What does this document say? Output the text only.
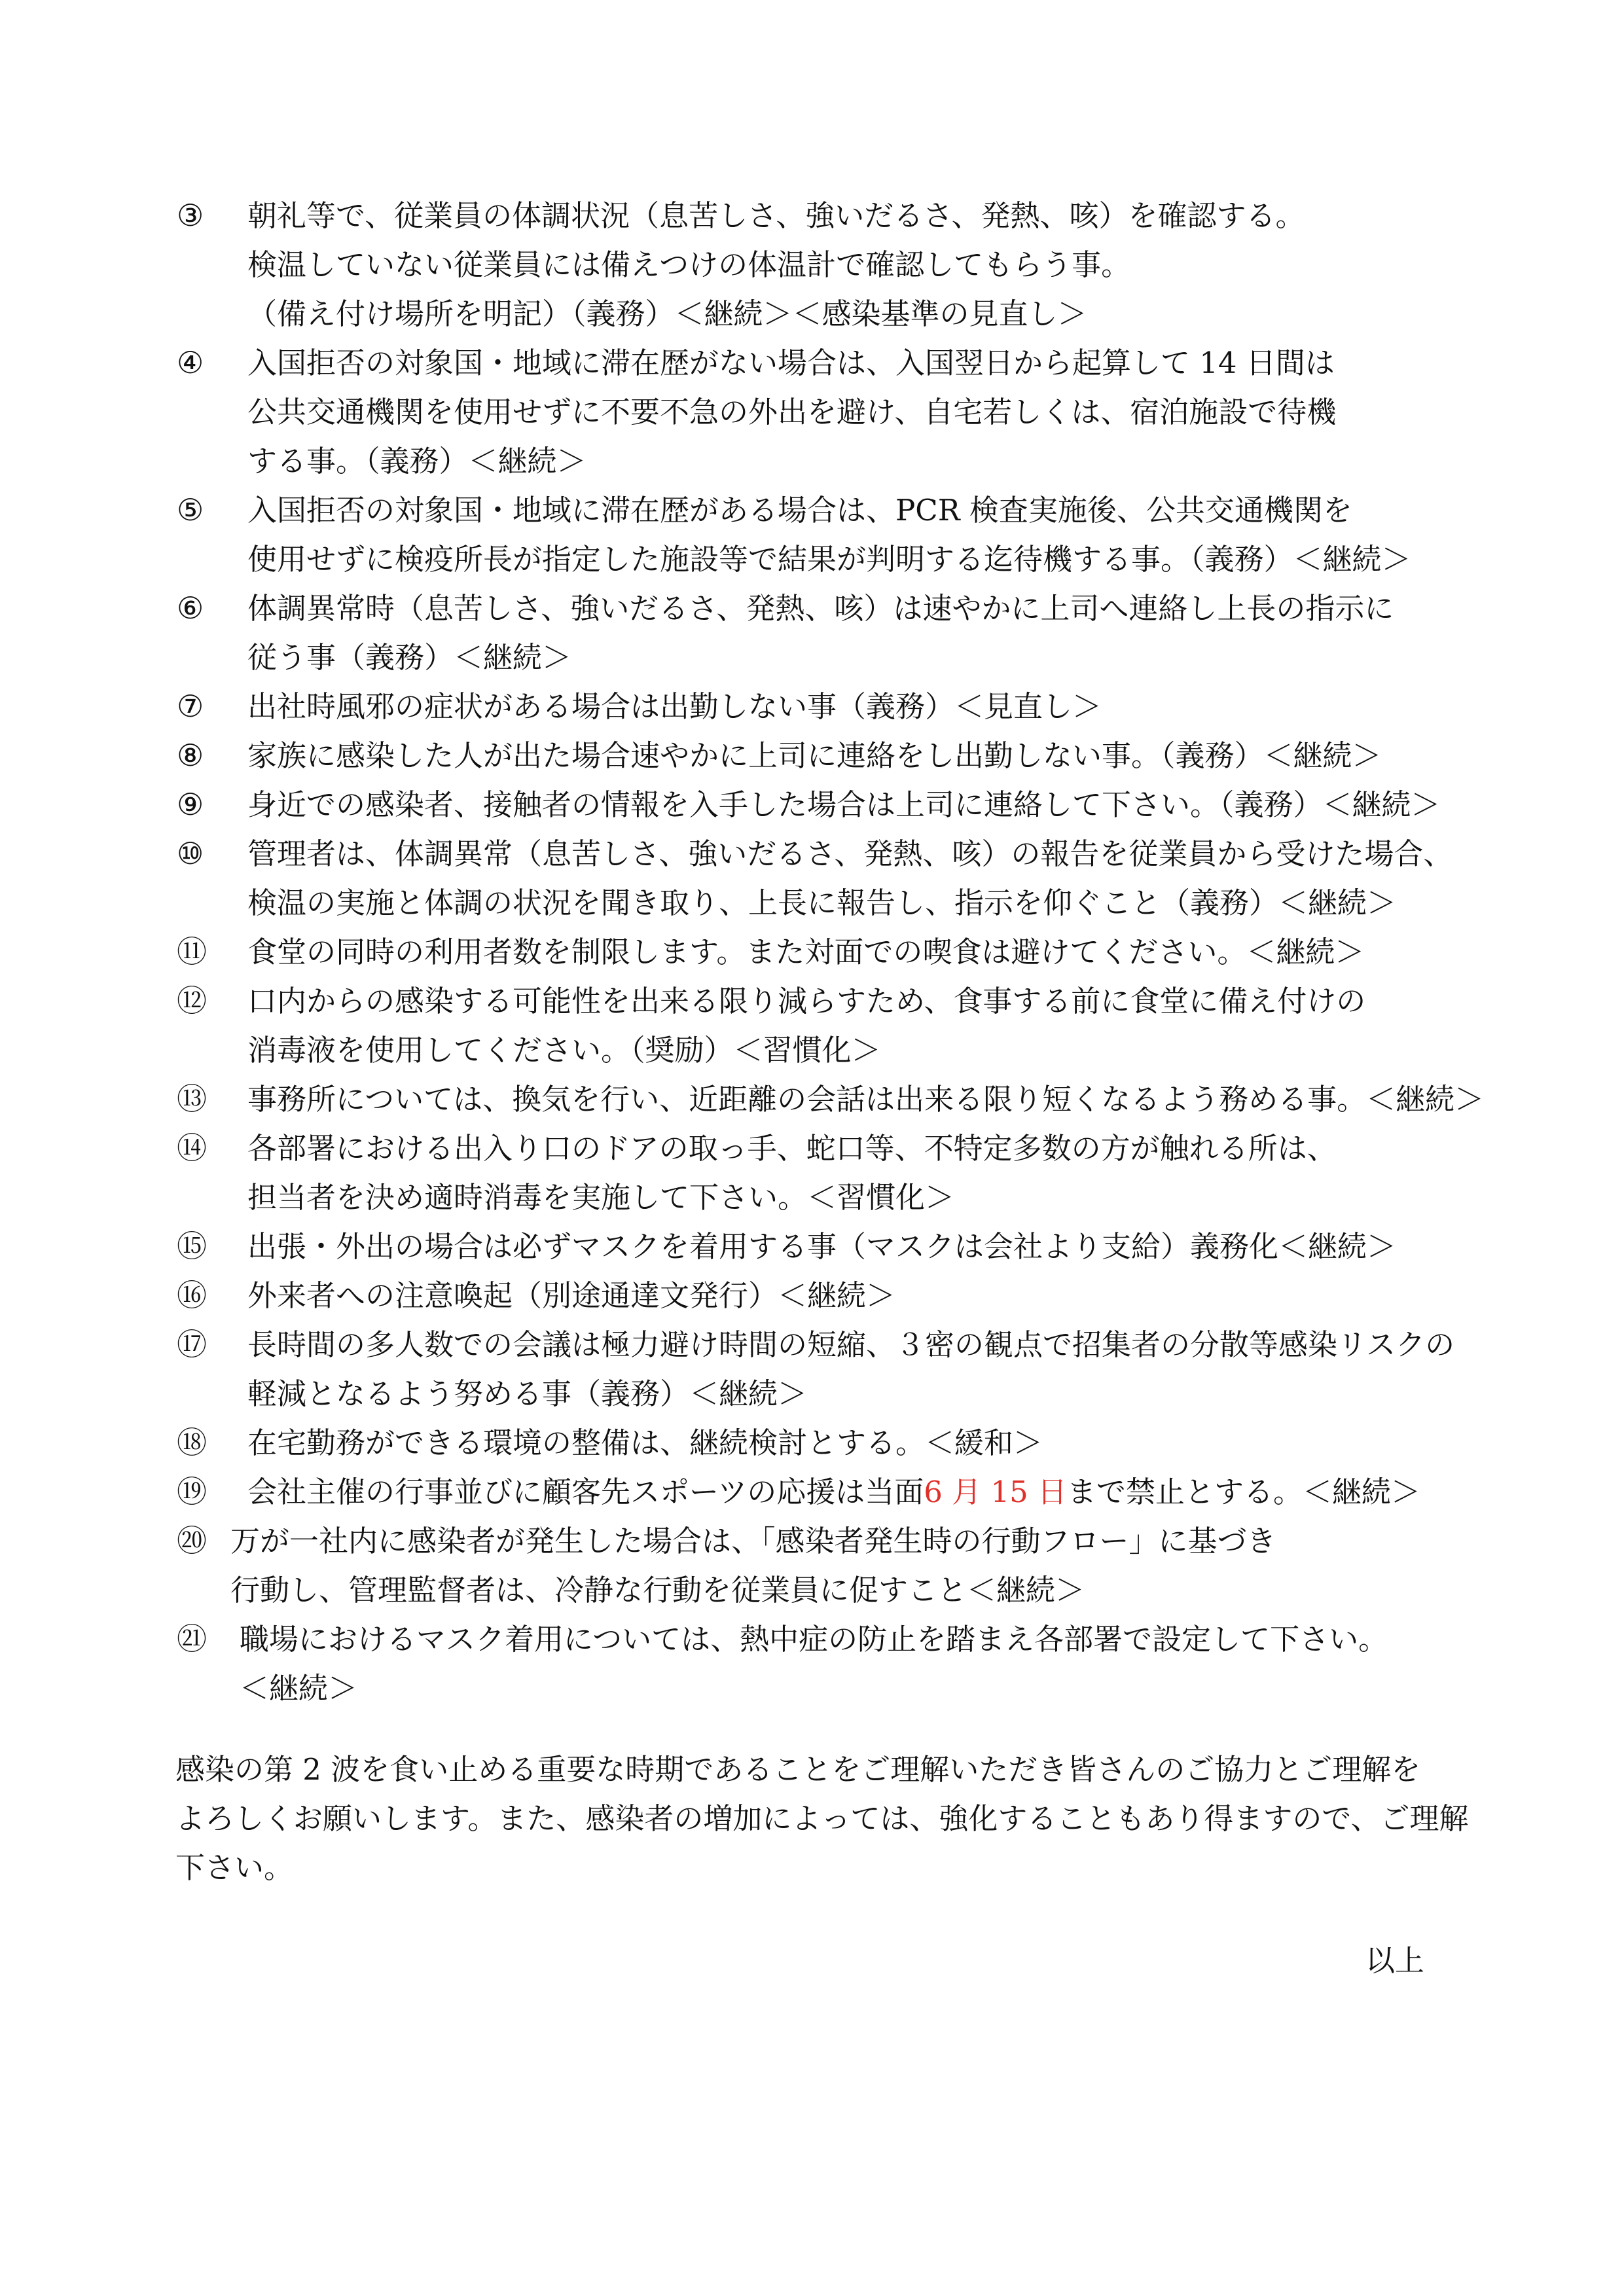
③	朝礼等で、従業員の体調状況（息苦しさ、強いだるさ、発熱、咳）を確認する。
検温していない従業員には備えつけの体温計で確認してもらう事。
（備え付け場所を明記）（義務）＜継続＞＜感染基準の見直し＞
④	入国拒否の対象国・地域に滞在歴がない場合は、入国翌日から起算して 14 日間は
公共交通機関を使用せずに不要不急の外出を避け、自宅若しくは、宿泊施設で待機
する事。（義務）＜継続＞
⑤	入国拒否の対象国・地域に滞在歴がある場合は、PCR 検査実施後、公共交通機関を
使用せずに検疫所長が指定した施設等で結果が判明する迄待機する事。（義務）＜継続＞
⑥	体調異常時（息苦しさ、強いだるさ、発熱、咳）は速やかに上司へ連絡し上長の指示に
従う事（義務）＜継続＞
⑦	出社時風邪の症状がある場合は出勤しない事（義務）＜見直し＞
⑧	家族に感染した人が出た場合速やかに上司に連絡をし出勤しない事。（義務）＜継続＞
⑨	身近での感染者、接触者の情報を入手した場合は上司に連絡して下さい。（義務）＜継続＞
⑩	管理者は、体調異常（息苦しさ、強いだるさ、発熱、咳）の報告を従業員から受けた場合、
検温の実施と体調の状況を聞き取り、上長に報告し、指示を仰ぐこと（義務）＜継続＞
⑪	食堂の同時の利用者数を制限します。また対面での喫食は避けてください。＜継続＞
⑫	口内からの感染する可能性を出来る限り減らすため、食事する前に食堂に備え付けの
消毒液を使用してください。（奨励）＜習慣化＞
⑬	事務所については、換気を行い、近距離の会話は出来る限り短くなるよう務める事。＜継続＞
⑭	各部署における出入り口のドアの取っ手、蛇口等、不特定多数の方が触れる所は、
担当者を決め適時消毒を実施して下さい。＜習慣化＞
⑮	出張・外出の場合は必ずマスクを着用する事（マスクは会社より支給）義務化＜継続＞
⑯	外来者への注意喚起（別途通達文発行）＜継続＞
⑰	長時間の多人数での会議は極力避け時間の短縮、３密の観点で招集者の分散等感染リスクの
軽減となるよう努める事（義務）＜継続＞
⑱	在宅勤務ができる環境の整備は、継続検討とする。＜緩和＞
⑲	会社主催の行事並びに顧客先スポーツの応援は当面6 月 15 日まで禁止とする。＜継続＞
⑳ 万が一社内に感染者が発生した場合は、「感染者発生時の行動フロー」に基づき
行動し、管理監督者は、冷静な行動を従業員に促すこと＜継続＞
㉑	職場におけるマスク着用については、熱中症の防止を踏まえ各部署で設定して下さい。
＜継続＞
感染の第 2 波を食い止める重要な時期であることをご理解いただき皆さんのご協力とご理解を
よろしくお願いします。また、感染者の増加によっては、強化することもあり得ますので、ご理解
下さい。
以上
